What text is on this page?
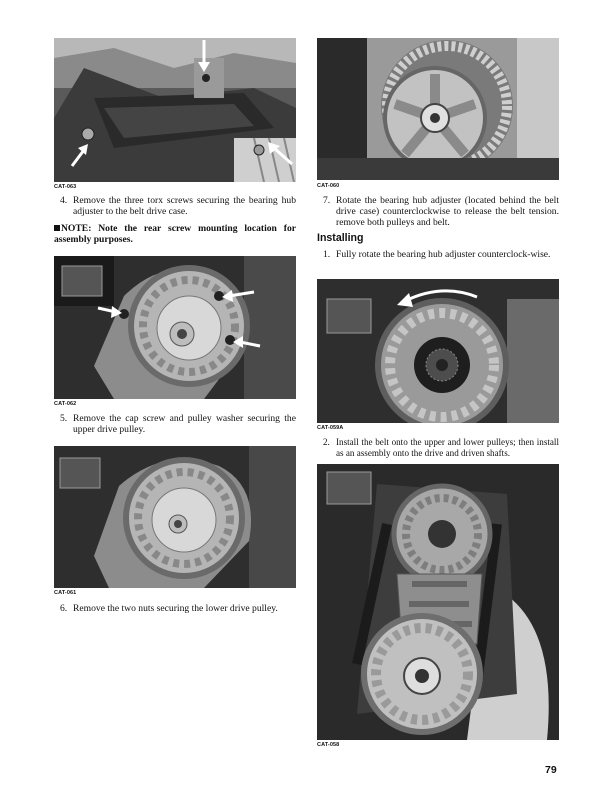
CAT-063
4. Remove the three torx screws securing the bearing hub adjuster to the belt drive case.
NOTE: Note the rear screw mounting location for assembly purposes.
CAT-062
5. Remove the cap screw and pulley washer securing the upper drive pulley.
CAT-061
6. Remove the two nuts securing the lower drive pulley.
CAT-060
7. Rotate the bearing hub adjuster (located behind the belt drive case) counterclockwise to release the belt tension. remove both pulleys and belt.
Installing
1. Fully rotate the bearing hub adjuster counterclock-wise.
CAT-059A
2. Install the belt onto the upper and lower pulleys; then install as an assembly onto the drive and driven shafts.
CAT-058
79
